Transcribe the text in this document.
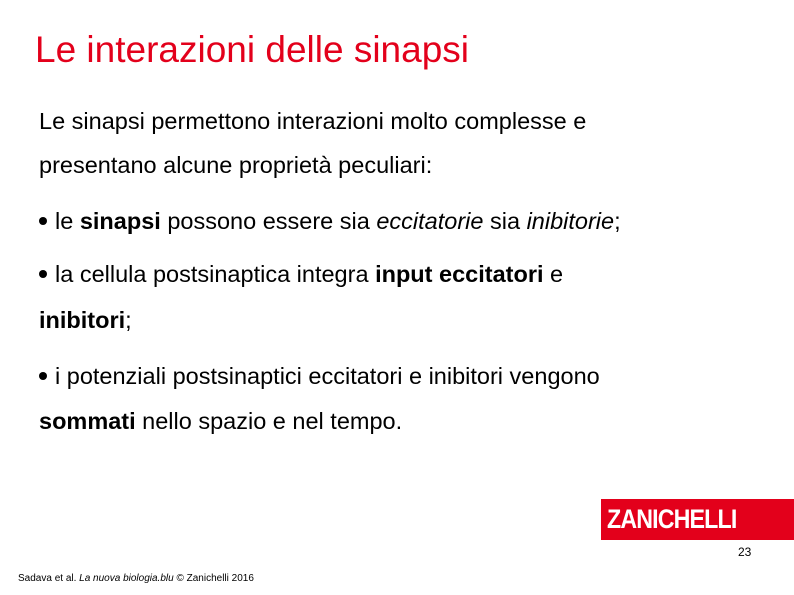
Le interazioni delle sinapsi
Le sinapsi permettono interazioni molto complesse e
presentano alcune proprietà peculiari:
le sinapsi possono essere sia eccitatorie sia inibitorie;
la cellula postsinaptica integra input eccitatori e
inibitori;
i potenziali postsinaptici eccitatori e inibitori vengono
sommati nello spazio e nel tempo.
ZANICHELLI
23
Sadava et al. La nuova biologia.blu © Zanichelli 2016
